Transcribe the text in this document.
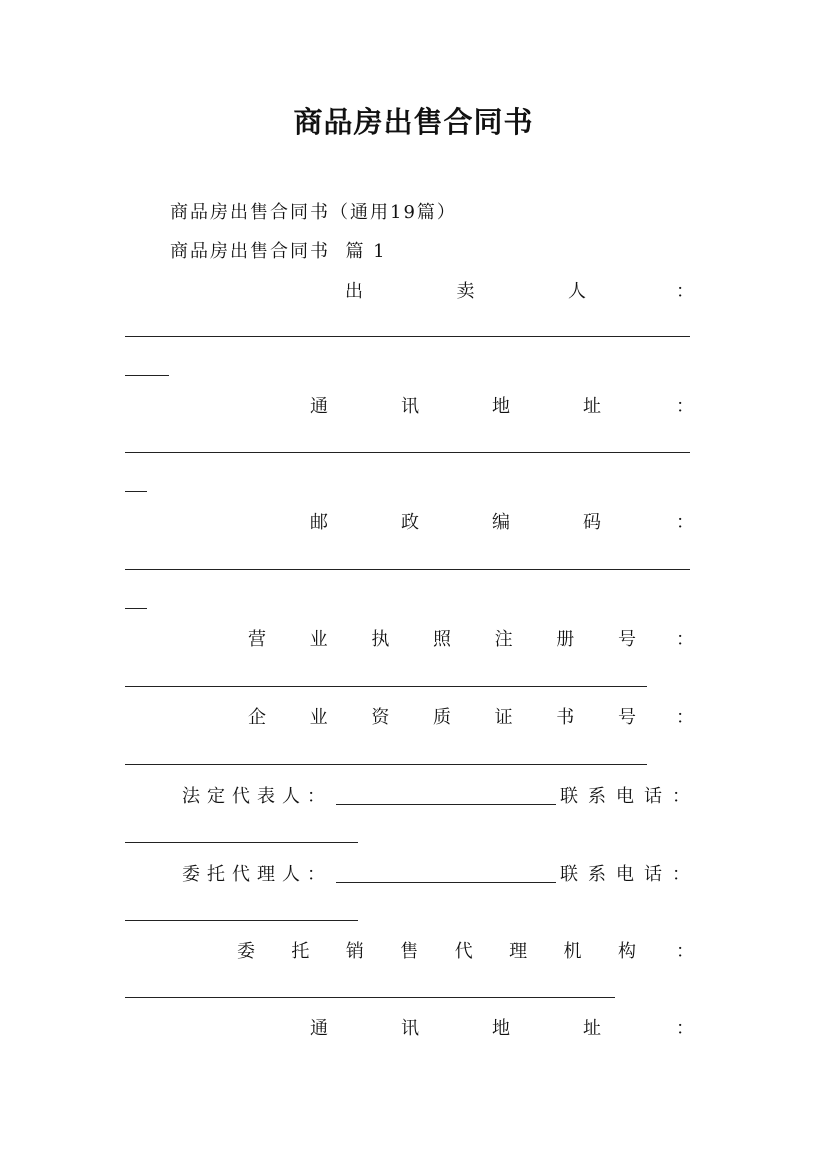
商品房出售合同书
商品房出售合同书（通用19篇）
商品房出售合同书  篇 1
出	卖	人	：
通	讯	地	址	：
邮	政	编	码	：
营 业 执 照 注 册 号 ：
企 业 资 质 证 书 号 ：
法定代表人：	联 系 电 话 ：
委托代理人：	联 系 电 话 ：
委 托 销 售 代 理 机 构 ：
通	讯	地	址	：
